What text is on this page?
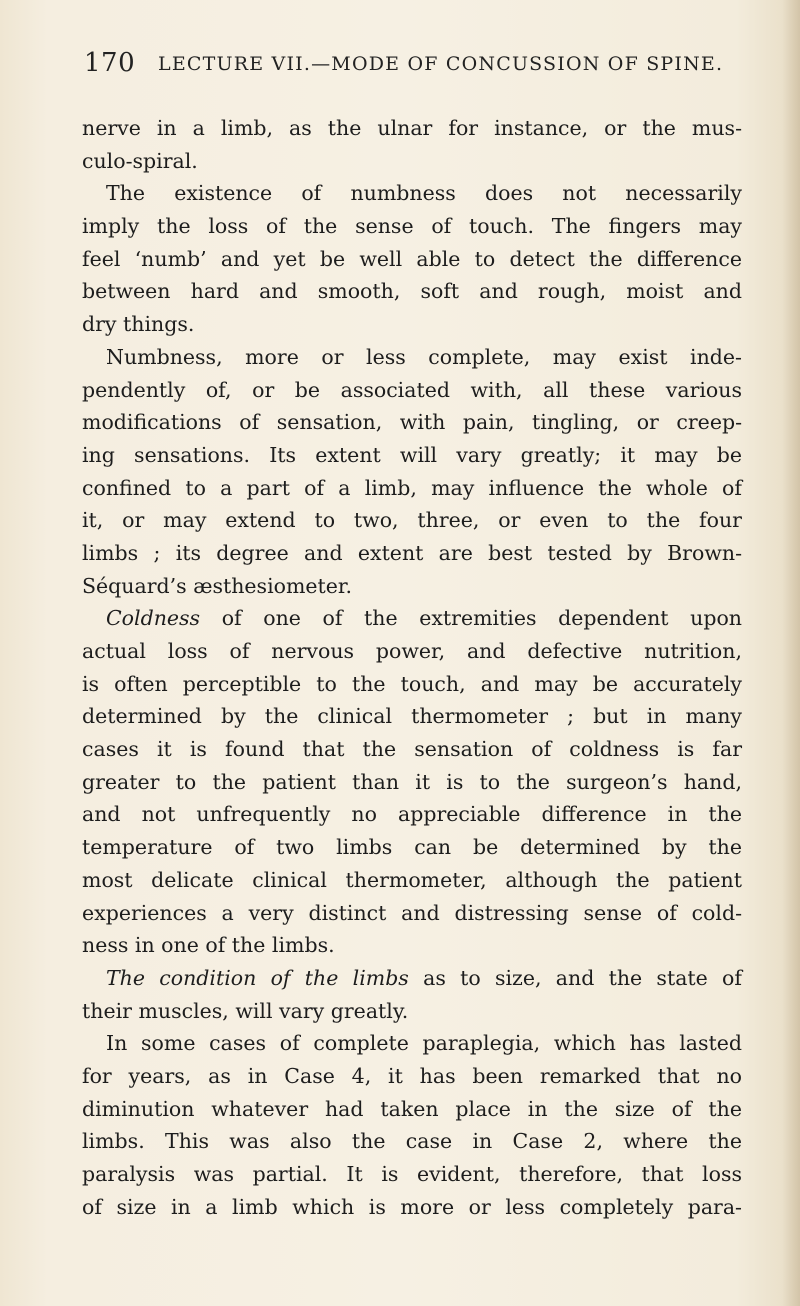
170 LECTURE VII.—MODE OF CONCUSSION OF SPINE.
nerve in a limb, as the ulnar for instance, or the mus-
culo-spiral.
The existence of numbness does not necessarily
imply the loss of the sense of touch. The fingers may
feel ‘numb’ and yet be well able to detect the difference
between hard and smooth, soft and rough, moist and
dry things.
Numbness, more or less complete, may exist inde-
pendently of, or be associated with, all these various
modifications of sensation, with pain, tingling, or creep-
ing sensations. Its extent will vary greatly; it may be
confined to a part of a limb, may influence the whole of
it, or may extend to two, three, or even to the four
limbs ; its degree and extent are best tested by Brown-
Séquard’s æsthesiometer.
Coldness of one of the extremities dependent upon
actual loss of nervous power, and defective nutrition,
is often perceptible to the touch, and may be accurately
determined by the clinical thermometer ; but in many
cases it is found that the sensation of coldness is far
greater to the patient than it is to the surgeon’s hand,
and not unfrequently no appreciable difference in the
temperature of two limbs can be determined by the
most delicate clinical thermometer, although the patient
experiences a very distinct and distressing sense of cold-
ness in one of the limbs.
The condition of the limbs as to size, and the state of
their muscles, will vary greatly.
In some cases of complete paraplegia, which has lasted
for years, as in Case 4, it has been remarked that no
diminution whatever had taken place in the size of the
limbs. This was also the case in Case 2, where the
paralysis was partial. It is evident, therefore, that loss
of size in a limb which is more or less completely para-
